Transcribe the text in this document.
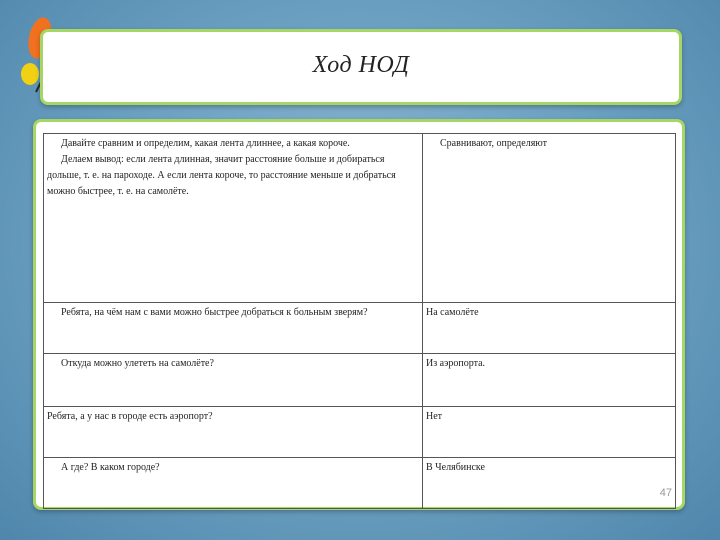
Ход НОД
Давайте сравним и определим, какая лента длиннее, а какая короче.
Делаем вывод: если лента длинная, значит расстояние больше и добираться дольше, т. е. на пароходе. А если лента короче, то расстояние меньше и добраться можно быстрее, т. е. на самолёте.	Сравнивают, определяют

Ребята, на чём нам с вами можно быстрее добраться к больным зверям?	На самолёте

Откуда можно улететь на самолёте?	Из аэропорта.

Ребята, а у нас в городе есть аэропорт?	Нет

А где? В каком городе?	В Челябинске
47
